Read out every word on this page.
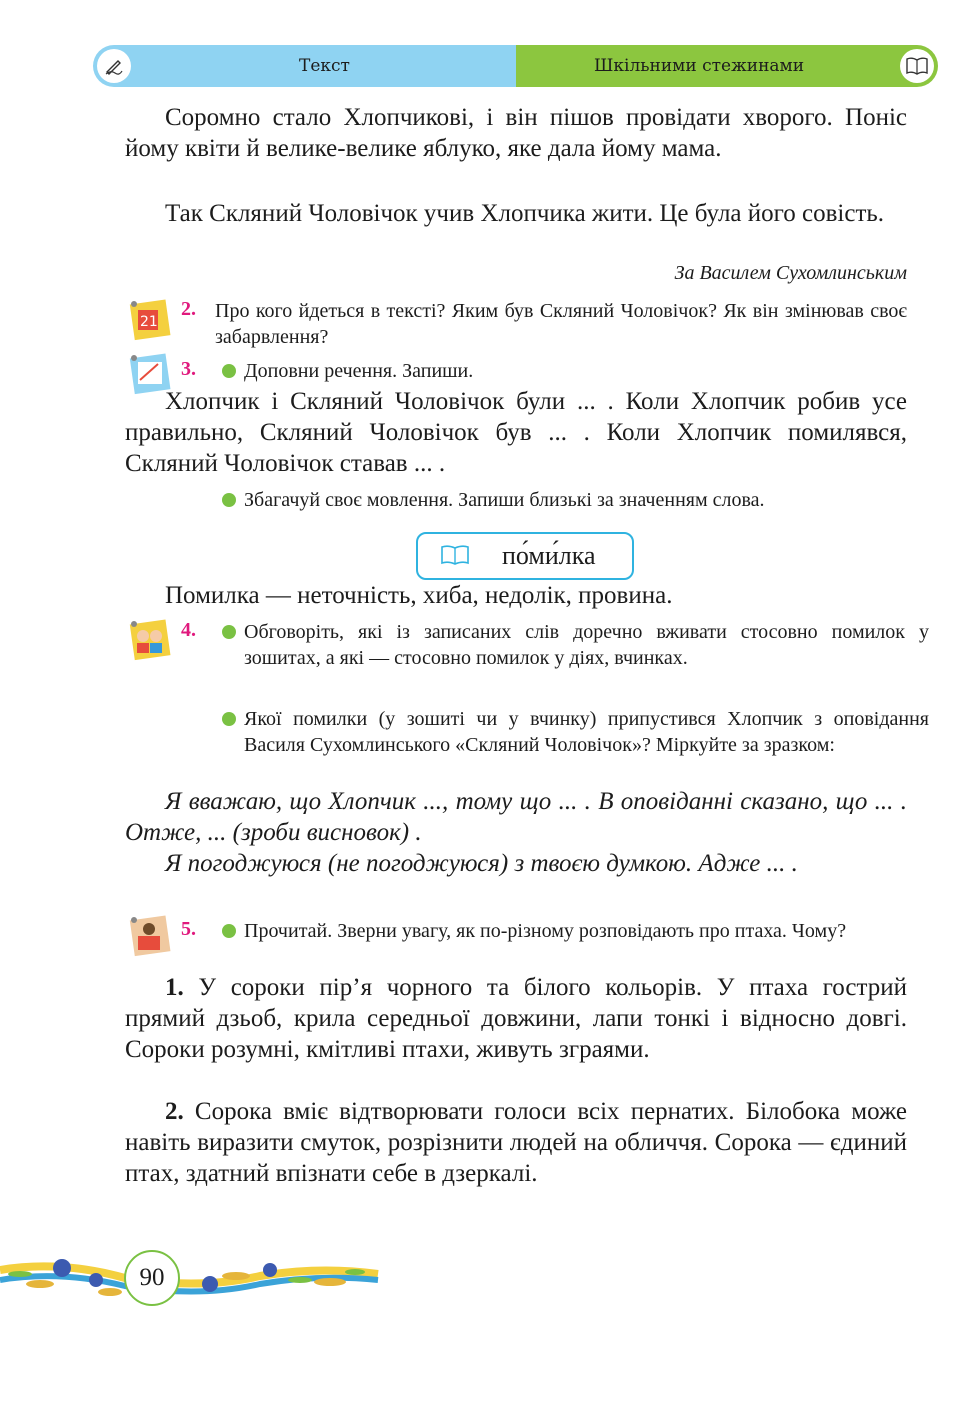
Текст	Шкільними стежинами

Соромно стало Хлопчикові, і він пішов провідати хворого. Поніс йому квіти й велике-велике яблуко, яке дала йому мама.

Так Скляний Чоловічок учив Хлопчика жити. Це була його совість.

За Василем Сухомлинським
21
2. Про кого йдеться в тексті? Яким був Скляний Чоловічок? Як він змінював своє забарвлення?

3.	Доповни речення. Запиши.

Хлопчик і Скляний Чоловічок були ... . Коли Хлопчик робив усе правильно, Скляний Чоловічок був ... . Коли Хлопчик помилявся, Скляний Чоловічок ставав ... .

Збагачуй своє мовлення. Запиши близькі за значенням слова.

по́ми́лка

Помилка — неточність, хиба, недолік, провина.

4.	Обговоріть, які із записаних слів доречно вживати стосовно помилок у зошитах, а які — стосовно помилок у діях, вчинках.

Якої помилки (у зошиті чи у вчинку) припустився Хлопчик з оповідання Василя Сухомлинського «Скляний Чоловічок»? Міркуйте за зразком:

Я вважаю, що Хлопчик ..., тому що ... . В оповіданні сказано, що ... . Отже, ... (зроби висновок) .

Я погоджуюся (не погоджуюся) з твоєю думкою. Адже ... .

5.	Прочитай. Зверни увагу, як по-різному розповідають про птаха. Чому?

1. У сороки пір’я чорного та білого кольорів. У птаха гострий прямий дзьоб, крила середньої довжини, лапи тонкі і відносно довгі. Сороки розумні, кмітливі птахи, живуть зграями.

2. Сорока вміє відтворювати голоси всіх пернатих. Білобока може навіть виразити смуток, розрізнити людей на обличчя. Сорока — єдиний птах, здатний впізнати себе в дзеркалі.

90
